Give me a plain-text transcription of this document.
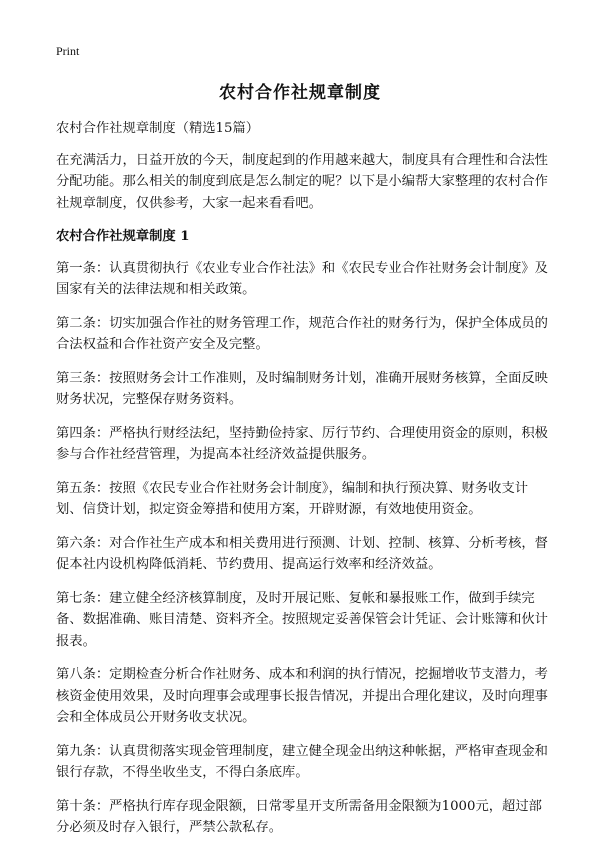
Print
农村合作社规章制度

农村合作社规章制度（精选15篇）

在充满活力，日益开放的今天，制度起到的作用越来越大，制度具有合理性和合法性分配功能。那么相关的制度到底是怎么制定的呢？以下是小编帮大家整理的农村合作社规章制度，仅供参考，大家一起来看看吧。

农村合作社规章制度 1

第一条：认真贯彻执行《农业专业合作社法》和《农民专业合作社财务会计制度》及国家有关的法律法规和相关政策。

第二条：切实加强合作社的财务管理工作，规范合作社的财务行为，保护全体成员的合法权益和合作社资产安全及完整。

第三条：按照财务会计工作准则，及时编制财务计划，准确开展财务核算，全面反映财务状况，完整保存财务资料。

第四条：严格执行财经法纪，坚持勤俭持家、厉行节约、合理使用资金的原则，积极参与合作社经营管理，为提高本社经济效益提供服务。

第五条：按照《农民专业合作社财务会计制度》，编制和执行预决算、财务收支计划、信贷计划，拟定资金筹措和使用方案，开辟财源，有效地使用资金。

第六条：对合作社生产成本和相关费用进行预测、计划、控制、核算、分析考核，督促本社内设机构降低消耗、节约费用、提高运行效率和经济效益。

第七条：建立健全经济核算制度，及时开展记账、复帐和暴报账工作，做到手续完备、数据准确、账目清楚、资料齐全。按照规定妥善保管会计凭证、会计账簿和伙计报表。

第八条：定期检查分析合作社财务、成本和利润的执行情况，挖掘增收节支潜力，考核资金使用效果，及时向理事会或理事长报告情况，并提出合理化建议，及时向理事会和全体成员公开财务收支状况。

第九条：认真贯彻落实现金管理制度，建立健全现金出纳这种帐据，严格审查现金和银行存款，不得坐收坐支，不得白条底库。

第十条：严格执行库存现金限额，日常零星开支所需备用金限额为1000元，超过部分必须及时存入银行，严禁公款私存。
